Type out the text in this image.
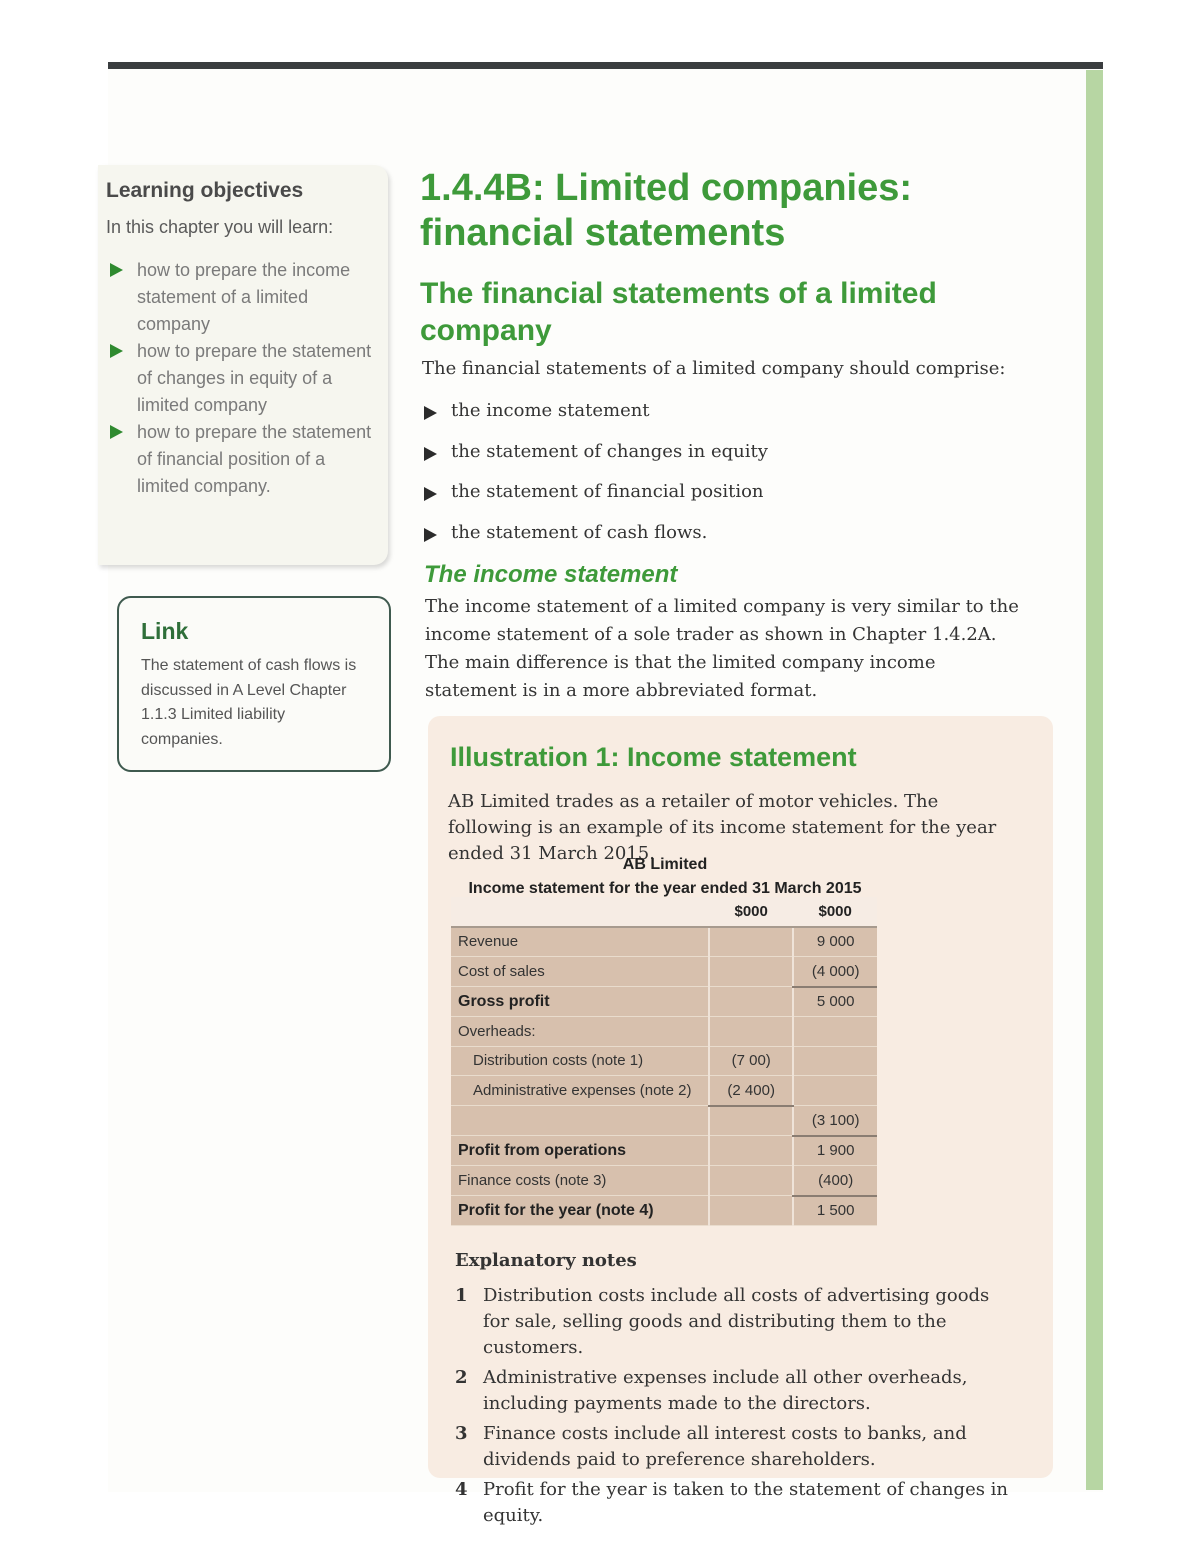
Learning objectives
In this chapter you will learn:
how to prepare the income statement of a limited company
how to prepare the statement of changes in equity of a limited company
how to prepare the statement of financial position of a limited company.
Link
The statement of cash flows is discussed in A Level Chapter 1.1.3 Limited liability companies.
1.4.4B: Limited companies: financial statements
The financial statements of a limited company
The financial statements of a limited company should comprise:
the income statement
the statement of changes in equity
the statement of financial position
the statement of cash flows.
The income statement
The income statement of a limited company is very similar to the income statement of a sole trader as shown in Chapter 1.4.2A. The main difference is that the limited company income statement is in a more abbreviated format.
Illustration 1: Income statement
AB Limited trades as a retailer of motor vehicles. The following is an example of its income statement for the year ended 31 March 2015.
AB Limited
Income statement for the year ended 31 March 2015
	$000	$000
Revenue		9 000
Cost of sales		(4 000)
Gross profit		5 000
Overheads:		
Distribution costs (note 1)	(7 00)	
Administrative expenses (note 2)	(2 400)	
		(3 100)
Profit from operations		1 900
Finance costs (note 3)		(400)
Profit for the year (note 4)		1 500
Explanatory notes
1 Distribution costs include all costs of advertising goods for sale, selling goods and distributing them to the customers.
2 Administrative expenses include all other overheads, including payments made to the directors.
3 Finance costs include all interest costs to banks, and dividends paid to preference shareholders.
4 Profit for the year is taken to the statement of changes in equity.
